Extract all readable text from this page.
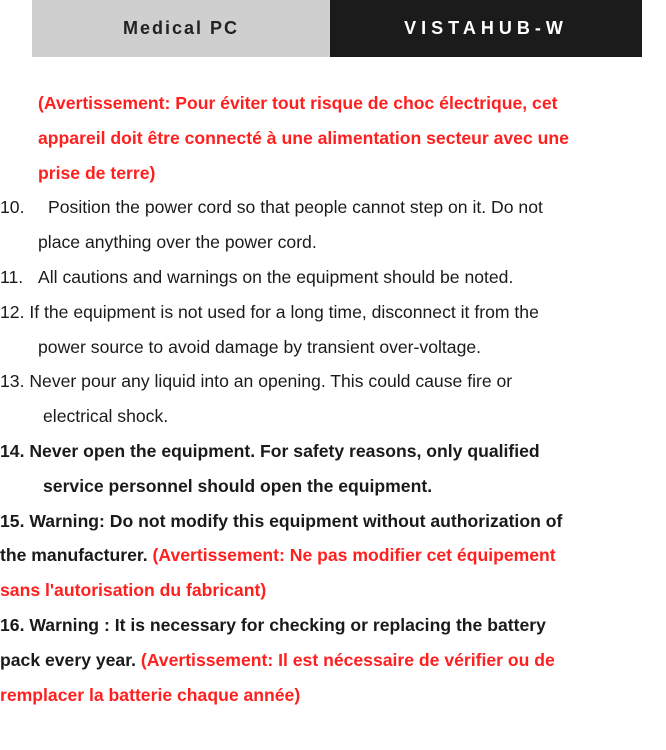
Medical PC	VISTAHUB-W
(Avertissement: Pour éviter tout risque de choc électrique, cet
appareil doit être connecté à une alimentation secteur avec une
prise de terre)
10. Position the power cord so that people cannot step on it. Do not
place anything over the power cord.
11. All cautions and warnings on the equipment should be noted.
12. If the equipment is not used for a long time, disconnect it from the
power source to avoid damage by transient over-voltage.
13. Never pour any liquid into an opening. This could cause fire or
electrical shock.
14. Never open the equipment. For safety reasons, only qualified
service personnel should open the equipment.
15. Warning: Do not modify this equipment without authorization of
the manufacturer. (Avertissement: Ne pas modifier cet équipement
sans l'autorisation du fabricant)
16. Warning : It is necessary for checking or replacing the battery
pack every year. (Avertissement: Il est nécessaire de vérifier ou de
remplacer la batterie chaque année)
